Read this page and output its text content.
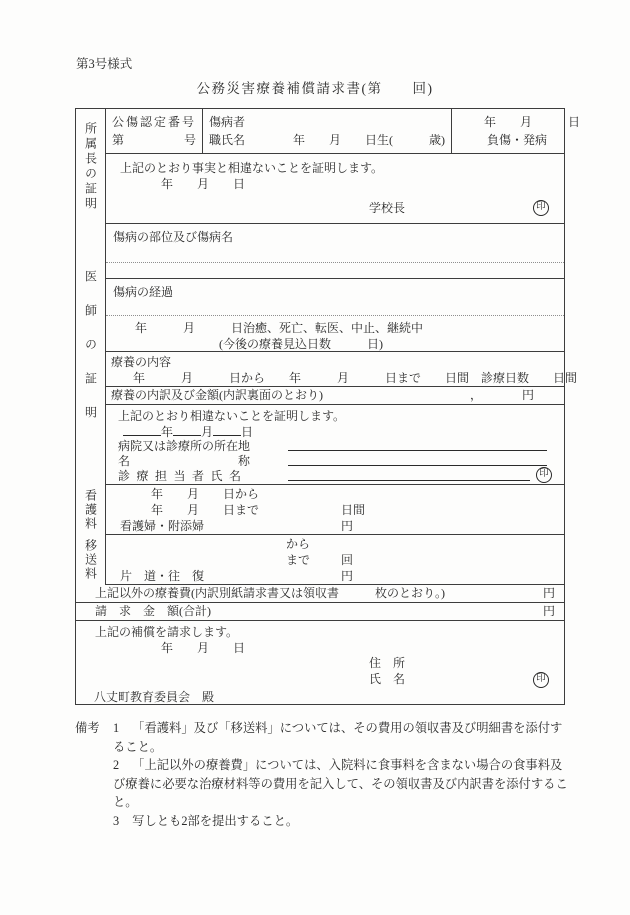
第3号様式
公務災害療養補償請求書(第　　回)
所属長の証明 公傷認定番号
第	号
傷病者
職氏名　　　　年　　月　　日生(　　　歳)
年　　月　　　日
負傷・発病
上記のとおり事実と相違ないことを証明します。
年　　月　　日
学校長	印
医師の証明
傷病の部位及び傷病名
傷病の経過
年　　　月　　　日治癒、死亡、転医、中止、継続中
(今後の療養見込日数　　　日)
療養の内容
年　　　月　　　日から　　年　　　月　　　日まで　　日間　診療日数　　日間
療養の内訳及び金額(内訳裏面のとおり)	，	円
上記のとおり相違ないことを証明します。
年 月 日
病院又は診療所の所在地
名	称
診療担当者氏名	印
看護料	年　　月　　日から
年　　月　　日まで	日間
看護婦・附添婦	円
移送料	から
まで	回
片　道・往　復	円
上記以外の療養費(内訳別紙請求書又は領収書　　　枚のとおり。)	円
請　求　金　額(合計)	円
上記の補償を請求します。
年　　月　　日
住　所
氏　名	印
八丈町教育委員会　殿
備考	1 「看護料」及び「移送料」については、その費用の領収書及び明細書を添付すること。

2 「上記以外の療養費」については、入院料に食事料を含まない場合の食事料及び療養に必要な治療材料等の費用を記入して、その領収書及び内訳書を添付すること。

3 写しとも2部を提出すること。
